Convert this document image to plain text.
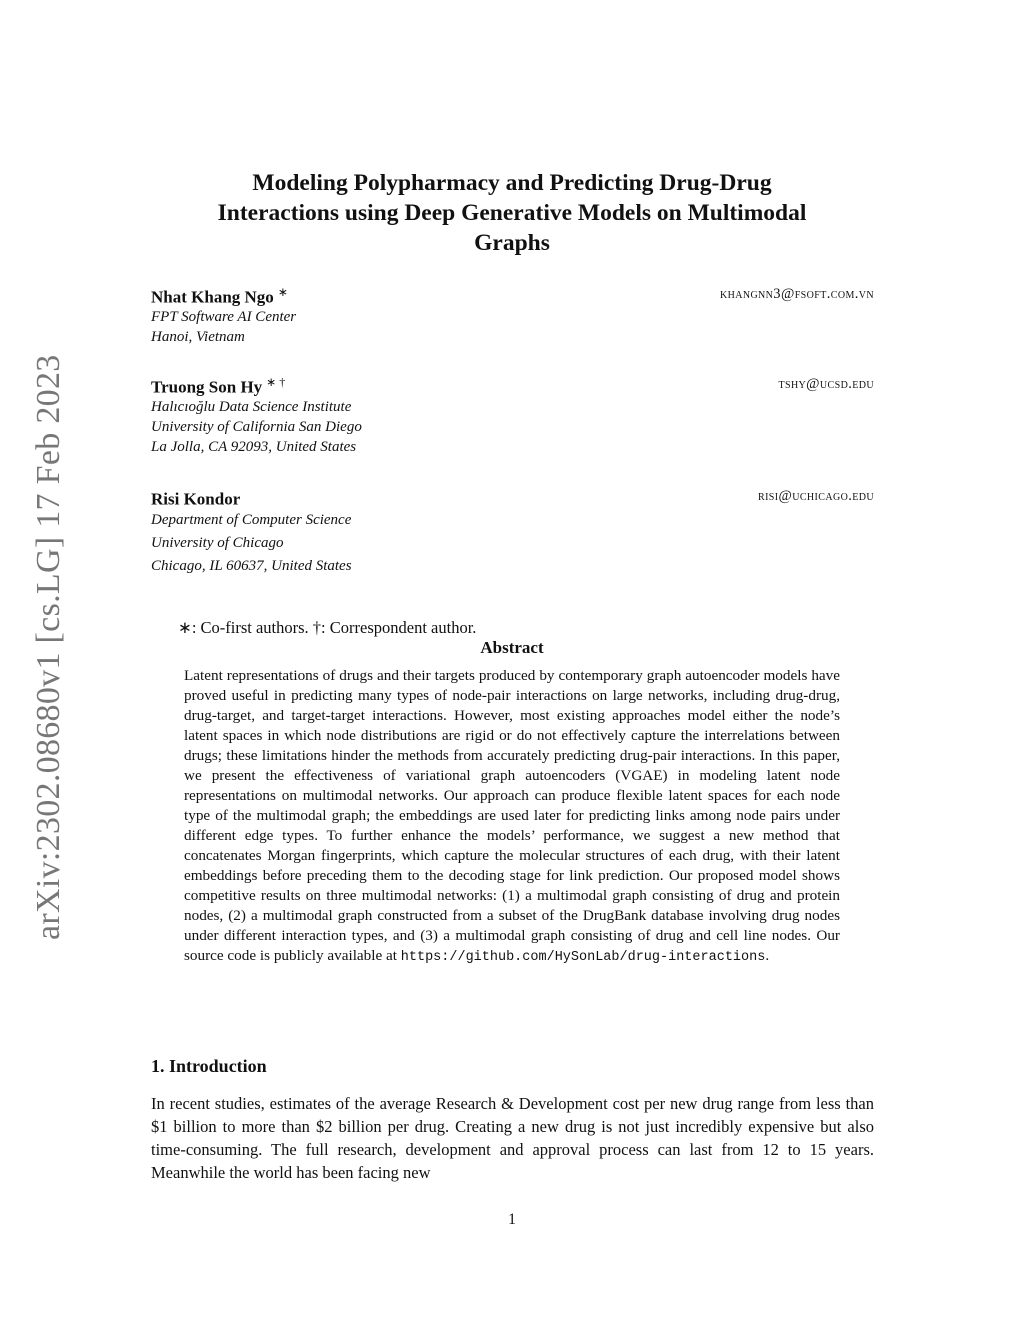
arXiv:2302.08680v1 [cs.LG] 17 Feb 2023
Modeling Polypharmacy and Predicting Drug-Drug
Interactions using Deep Generative Models on Multimodal
Graphs
Nhat Khang Ngo ∗	khangnn3@fsoft.com.vn
FPT Software AI Center
Hanoi, Vietnam
Truong Son Hy ∗ †	tshy@ucsd.edu
Halıcıoğlu Data Science Institute
University of California San Diego
La Jolla, CA 92093, United States
Risi Kondor	risi@uchicago.edu
Department of Computer Science
University of Chicago
Chicago, IL 60637, United States
∗: Co-first authors. †: Correspondent author.
Abstract
Latent representations of drugs and their targets produced by contemporary graph autoencoder models have proved useful in predicting many types of node-pair interactions on large networks, including drug-drug, drug-target, and target-target interactions. However, most existing approaches model either the node’s latent spaces in which node distributions are rigid or do not effectively capture the interrelations between drugs; these limitations hinder the methods from accurately predicting drug-pair interactions. In this paper, we present the effectiveness of variational graph autoencoders (VGAE) in modeling latent node representations on multimodal networks. Our approach can produce flexible latent spaces for each node type of the multimodal graph; the embeddings are used later for predicting links among node pairs under different edge types. To further enhance the models’ performance, we suggest a new method that concatenates Morgan fingerprints, which capture the molecular structures of each drug, with their latent embeddings before preceding them to the decoding stage for link prediction. Our proposed model shows competitive results on three multimodal networks: (1) a multimodal graph consisting of drug and protein nodes, (2) a multimodal graph constructed from a subset of the DrugBank database involving drug nodes under different interaction types, and (3) a multimodal graph consisting of drug and cell line nodes. Our source code is publicly available at https://github.com/HySonLab/drug-interactions.
1. Introduction
In recent studies, estimates of the average Research & Development cost per new drug range from less than $1 billion to more than $2 billion per drug. Creating a new drug is not just incredibly expensive but also time-consuming. The full research, development and approval process can last from 12 to 15 years. Meanwhile the world has been facing new
1
